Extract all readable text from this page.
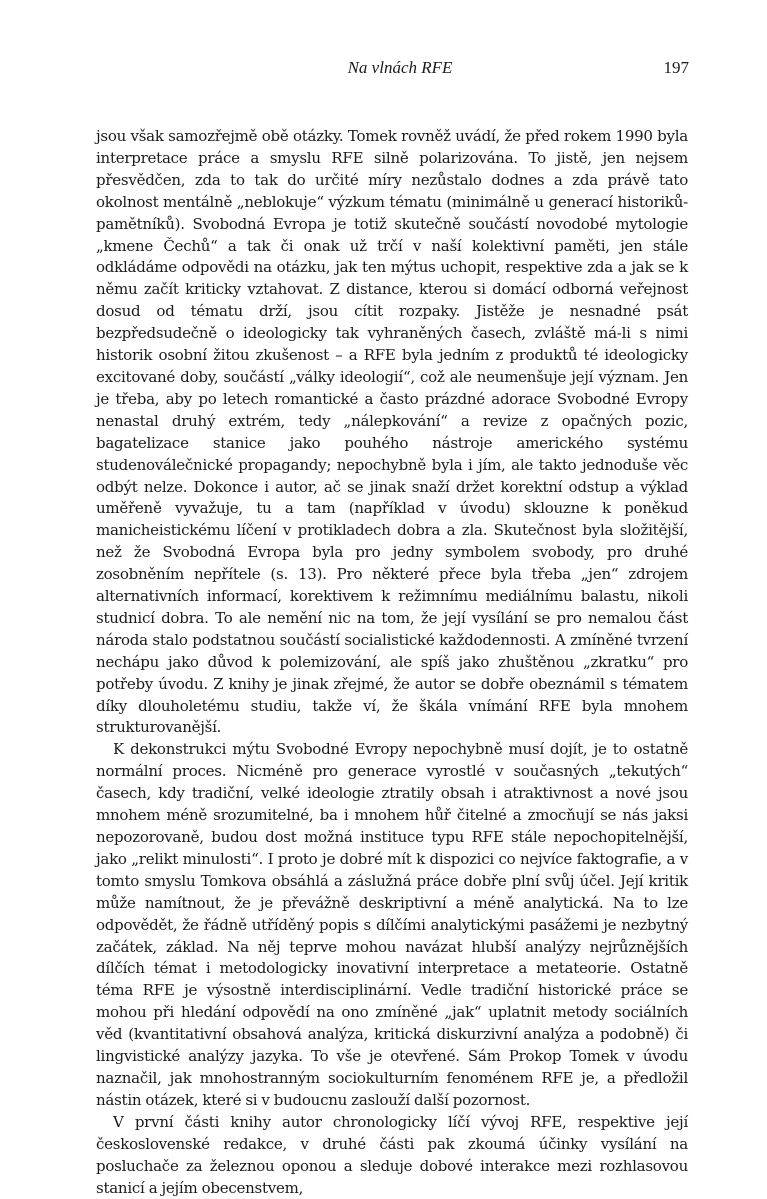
Na vlnách RFE	197

jsou však samozřejmě obě otázky. Tomek rovněž uvádí, že před rokem 1990 byla interpretace práce a smyslu RFE silně polarizována. To jistě, jen nejsem přesvědčen, zda to tak do určité míry nezůstalo dodnes a zda právě tato okolnost mentálně „neblokuje“ výzkum tématu (minimálně u generací historiků-pamětníků). Svobodná Evropa je totiž skutečně součástí novodobé mytologie „kmene Čechů“ a tak či onak už trčí v naší kolektivní paměti, jen stále odkládáme odpovědi na otázku, jak ten mýtus uchopit, respektive zda a jak se k němu začít kriticky vztahovat. Z distance, kterou si domácí odborná veřejnost dosud od tématu drží, jsou cítit rozpaky. Jistěže je nesnadné psát bezpředsudečně o ideologicky tak vyhraněných časech, zvláště má-li s nimi historik osobní žitou zkušenost – a RFE byla jedním z produktů té ideologicky excitované doby, součástí „války ideologií“, což ale neumenšuje její význam. Jen je třeba, aby po letech romantické a často prázdné adorace Svobodné Evropy nenastal druhý extrém, tedy „nálepkování“ a revize z opačných pozic, bagatelizace stanice jako pouhého nástroje amerického systému studenoválečnické propagandy; nepochybně byla i jím, ale takto jednoduše věc odbýt nelze. Dokonce i autor, ač se jinak snaží držet korektní odstup a výklad uměřeně vyvažuje, tu a tam (například v úvodu) sklouzne k poněkud manicheistickému líčení v protikladech dobra a zla. Skutečnost byla složitější, než že Svobodná Evropa byla pro jedny symbolem svobody, pro druhé zosobněním nepřítele (s. 13). Pro některé přece byla třeba „jen“ zdrojem alternativních informací, korektivem k režimnímu mediálnímu balastu, nikoli studnicí dobra. To ale nemění nic na tom, že její vysílání se pro nemalou část národa stalo podstatnou součástí socialistické každodennosti. A zmíněné tvrzení nechápu jako důvod k polemizování, ale spíš jako zhuštěnou „zkratku“ pro potřeby úvodu. Z knihy je jinak zřejmé, že autor se dobře obeznámil s tématem díky dlouholetému studiu, takže ví, že škála vnímání RFE byla mnohem strukturovanější.

K dekonstrukci mýtu Svobodné Evropy nepochybně musí dojít, je to ostatně normální proces. Nicméně pro generace vyrostlé v současných „tekutých“ časech, kdy tradiční, velké ideologie ztratily obsah i atraktivnost a nové jsou mnohem méně srozumitelné, ba i mnohem hůř čitelné a zmocňují se nás jaksi nepozorovaně, budou dost možná instituce typu RFE stále nepochopitelnější, jako „relikt minulosti“. I proto je dobré mít k dispozici co nejvíce faktografie, a v tomto smyslu Tomkova obsáhlá a záslužná práce dobře plní svůj účel. Její kritik může namítnout, že je převážně deskriptivní a méně analytická. Na to lze odpovědět, že řádně utříděný popis s dílčími analytickými pasážemi je nezbytný začátek, základ. Na něj teprve mohou navázat hlubší analýzy nejrůznějších dílčích témat i metodologicky inovativní interpretace a metateorie. Ostatně téma RFE je výsostně interdisciplinární. Vedle tradiční historické práce se mohou při hledání odpovědí na ono zmíněné „jak“ uplatnit metody sociálních věd (kvantitativní obsahová analýza, kritická diskurzivní analýza a podobně) či lingvistické analýzy jazyka. To vše je otevřené. Sám Prokop Tomek v úvodu naznačil, jak mnohostranným sociokulturním fenoménem RFE je, a předložil nástin otázek, které si v budoucnu zaslouží další pozornost.

V první části knihy autor chronologicky líčí vývoj RFE, respektive její československé redakce, v druhé části pak zkoumá účinky vysílání na posluchače za železnou oponou a sleduje dobové interakce mezi rozhlasovou stanicí a jejím obecenstvem,
